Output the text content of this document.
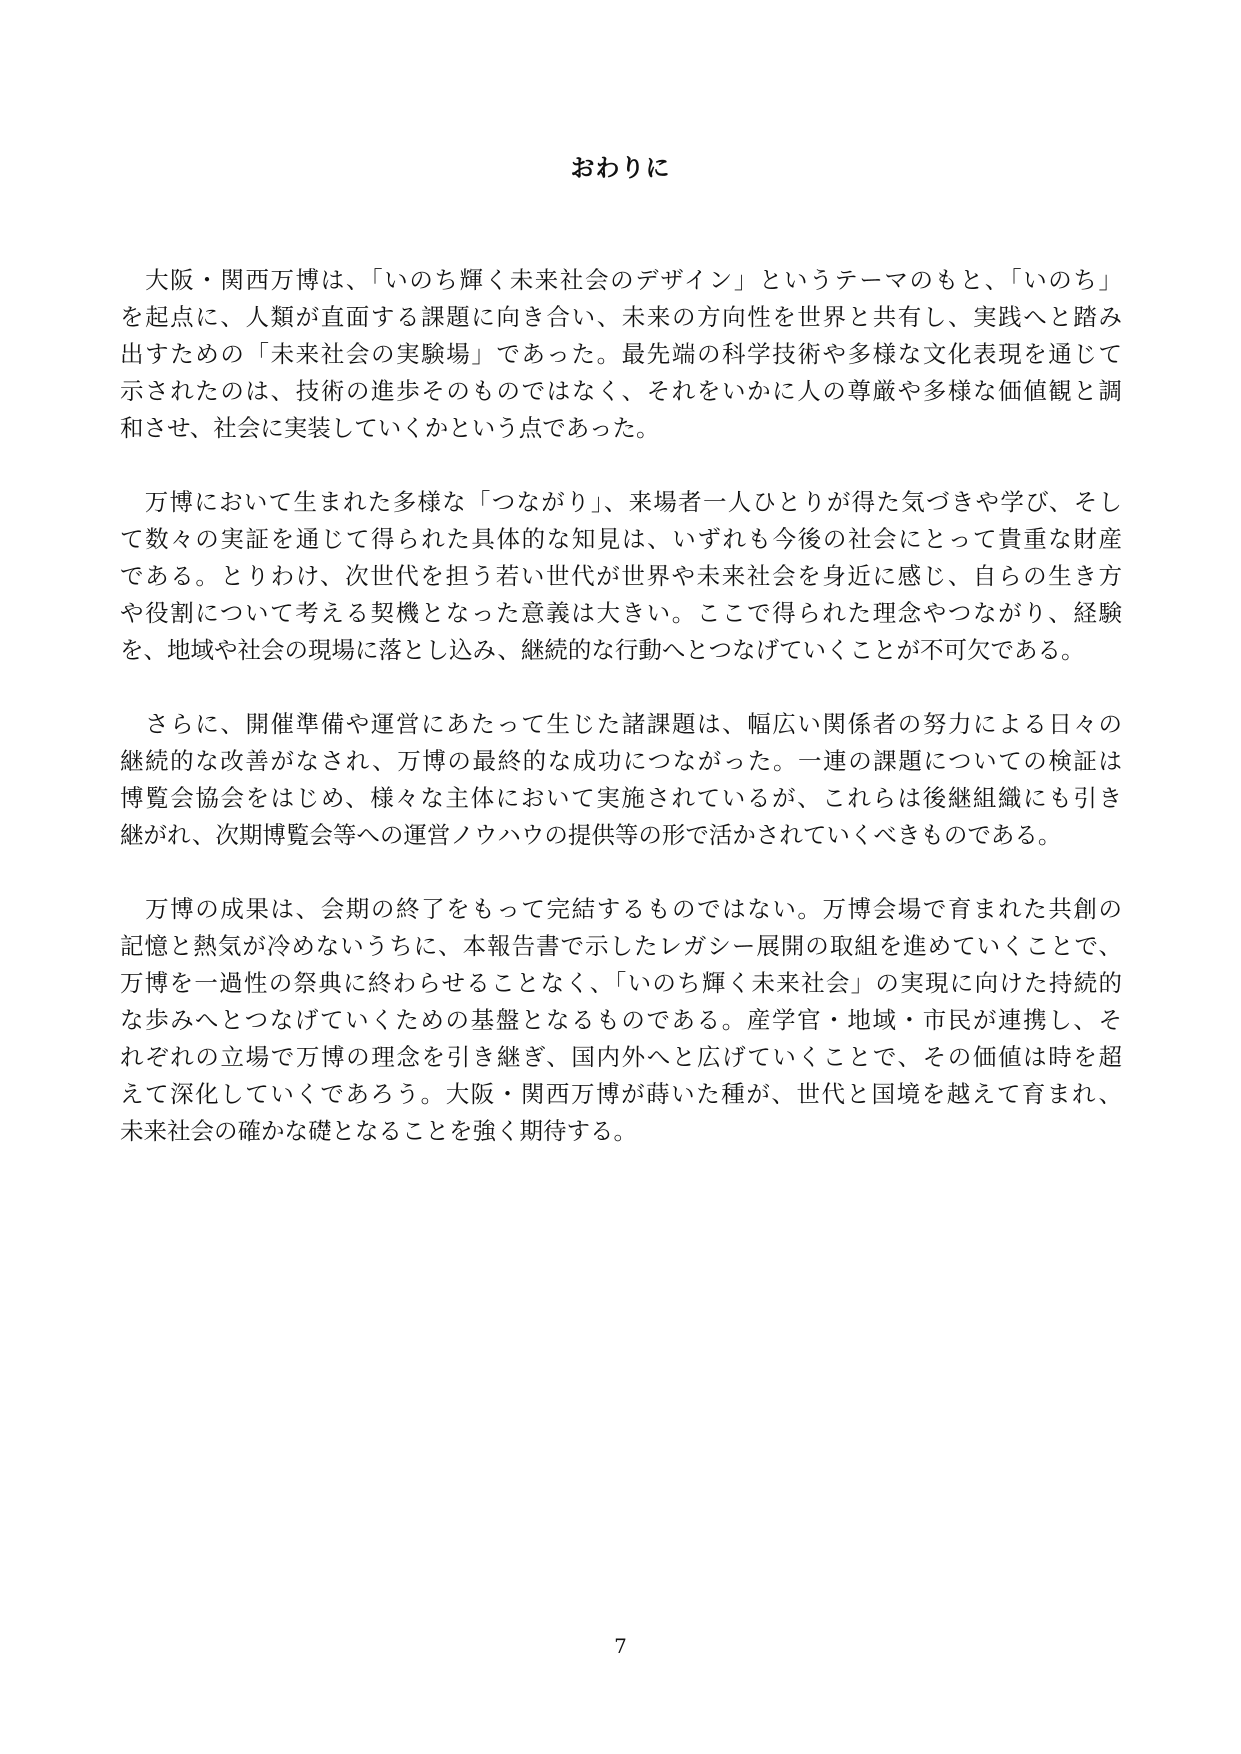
おわりに

　大阪・関西万博は、「いのち輝く未来社会のデザイン」というテーマのもと、「いのち」
を起点に、人類が直面する課題に向き合い、未来の方向性を世界と共有し、実践へと踏み
出すための「未来社会の実験場」であった。最先端の科学技術や多様な文化表現を通じて
示されたのは、技術の進歩そのものではなく、それをいかに人の尊厳や多様な価値観と調
和させ、社会に実装していくかという点であった。

　万博において生まれた多様な「つながり」、来場者一人ひとりが得た気づきや学び、そし
て数々の実証を通じて得られた具体的な知見は、いずれも今後の社会にとって貴重な財産
である。とりわけ、次世代を担う若い世代が世界や未来社会を身近に感じ、自らの生き方
や役割について考える契機となった意義は大きい。ここで得られた理念やつながり、経験
を、地域や社会の現場に落とし込み、継続的な行動へとつなげていくことが不可欠である。

　さらに、開催準備や運営にあたって生じた諸課題は、幅広い関係者の努力による日々の
継続的な改善がなされ、万博の最終的な成功につながった。一連の課題についての検証は
博覧会協会をはじめ、様々な主体において実施されているが、これらは後継組織にも引き
継がれ、次期博覧会等への運営ノウハウの提供等の形で活かされていくべきものである。

　万博の成果は、会期の終了をもって完結するものではない。万博会場で育まれた共創の
記憶と熱気が冷めないうちに、本報告書で示したレガシー展開の取組を進めていくことで、
万博を一過性の祭典に終わらせることなく、「いのち輝く未来社会」の実現に向けた持続的
な歩みへとつなげていくための基盤となるものである。産学官・地域・市民が連携し、そ
れぞれの立場で万博の理念を引き継ぎ、国内外へと広げていくことで、その価値は時を超
えて深化していくであろう。大阪・関西万博が蒔いた種が、世代と国境を越えて育まれ、
未来社会の確かな礎となることを強く期待する。

7
